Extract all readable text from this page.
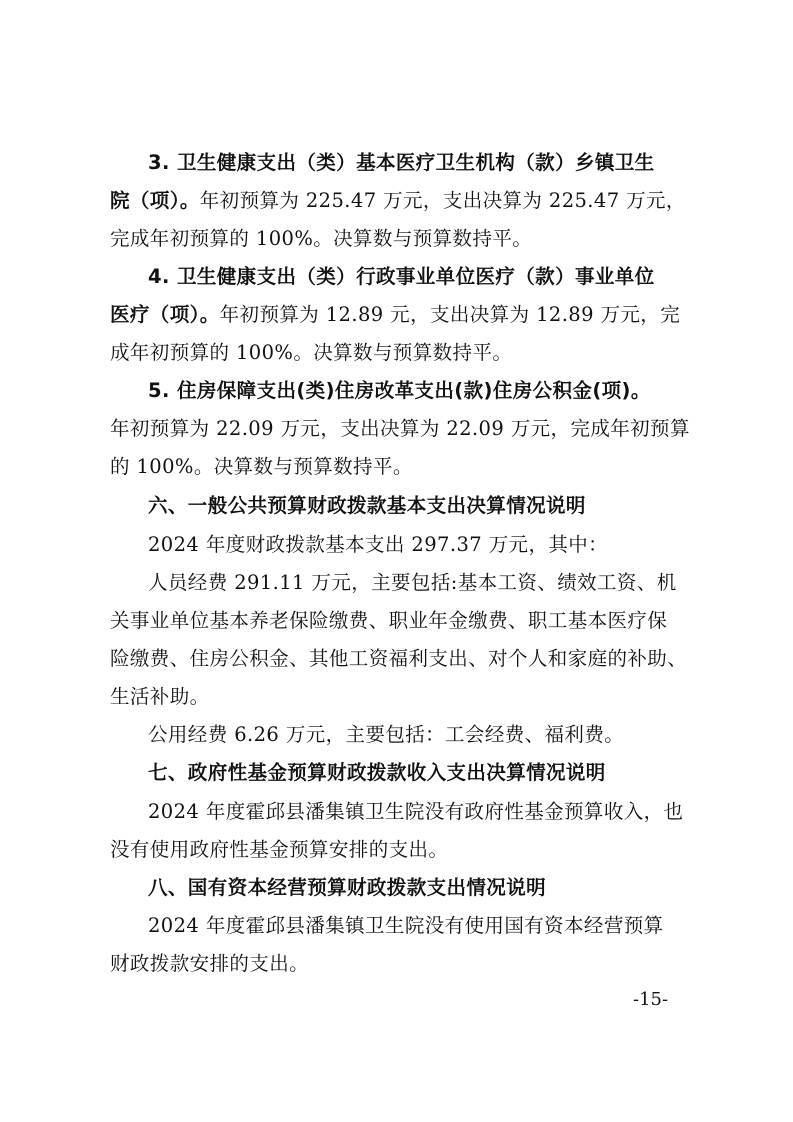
3. 卫生健康支出（类）基本医疗卫生机构（款）乡镇卫生
院（项）。年初预算为 225.47 万元，支出决算为 225.47 万元，
完成年初预算的 100%。决算数与预算数持平。
4. 卫生健康支出（类）行政事业单位医疗（款）事业单位
医疗（项）。年初预算为 12.89 元，支出决算为 12.89 万元，完
成年初预算的 100%。决算数与预算数持平。
5. 住房保障支出(类)住房改革支出(款)住房公积金(项)。
年初预算为 22.09 万元，支出决算为 22.09 万元，完成年初预算
的 100%。决算数与预算数持平。
六、一般公共预算财政拨款基本支出决算情况说明
2024 年度财政拨款基本支出 297.37 万元，其中：
人员经费 291.11 万元，主要包括:基本工资、绩效工资、机
关事业单位基本养老保险缴费、职业年金缴费、职工基本医疗保
险缴费、住房公积金、其他工资福利支出、对个人和家庭的补助、
生活补助。
公用经费 6.26 万元，主要包括：工会经费、福利费。
七、政府性基金预算财政拨款收入支出决算情况说明
2024 年度霍邱县潘集镇卫生院没有政府性基金预算收入，也
没有使用政府性基金预算安排的支出。
八、国有资本经营预算财政拨款支出情况说明
2024 年度霍邱县潘集镇卫生院没有使用国有资本经营预算
财政拨款安排的支出。
-15-
